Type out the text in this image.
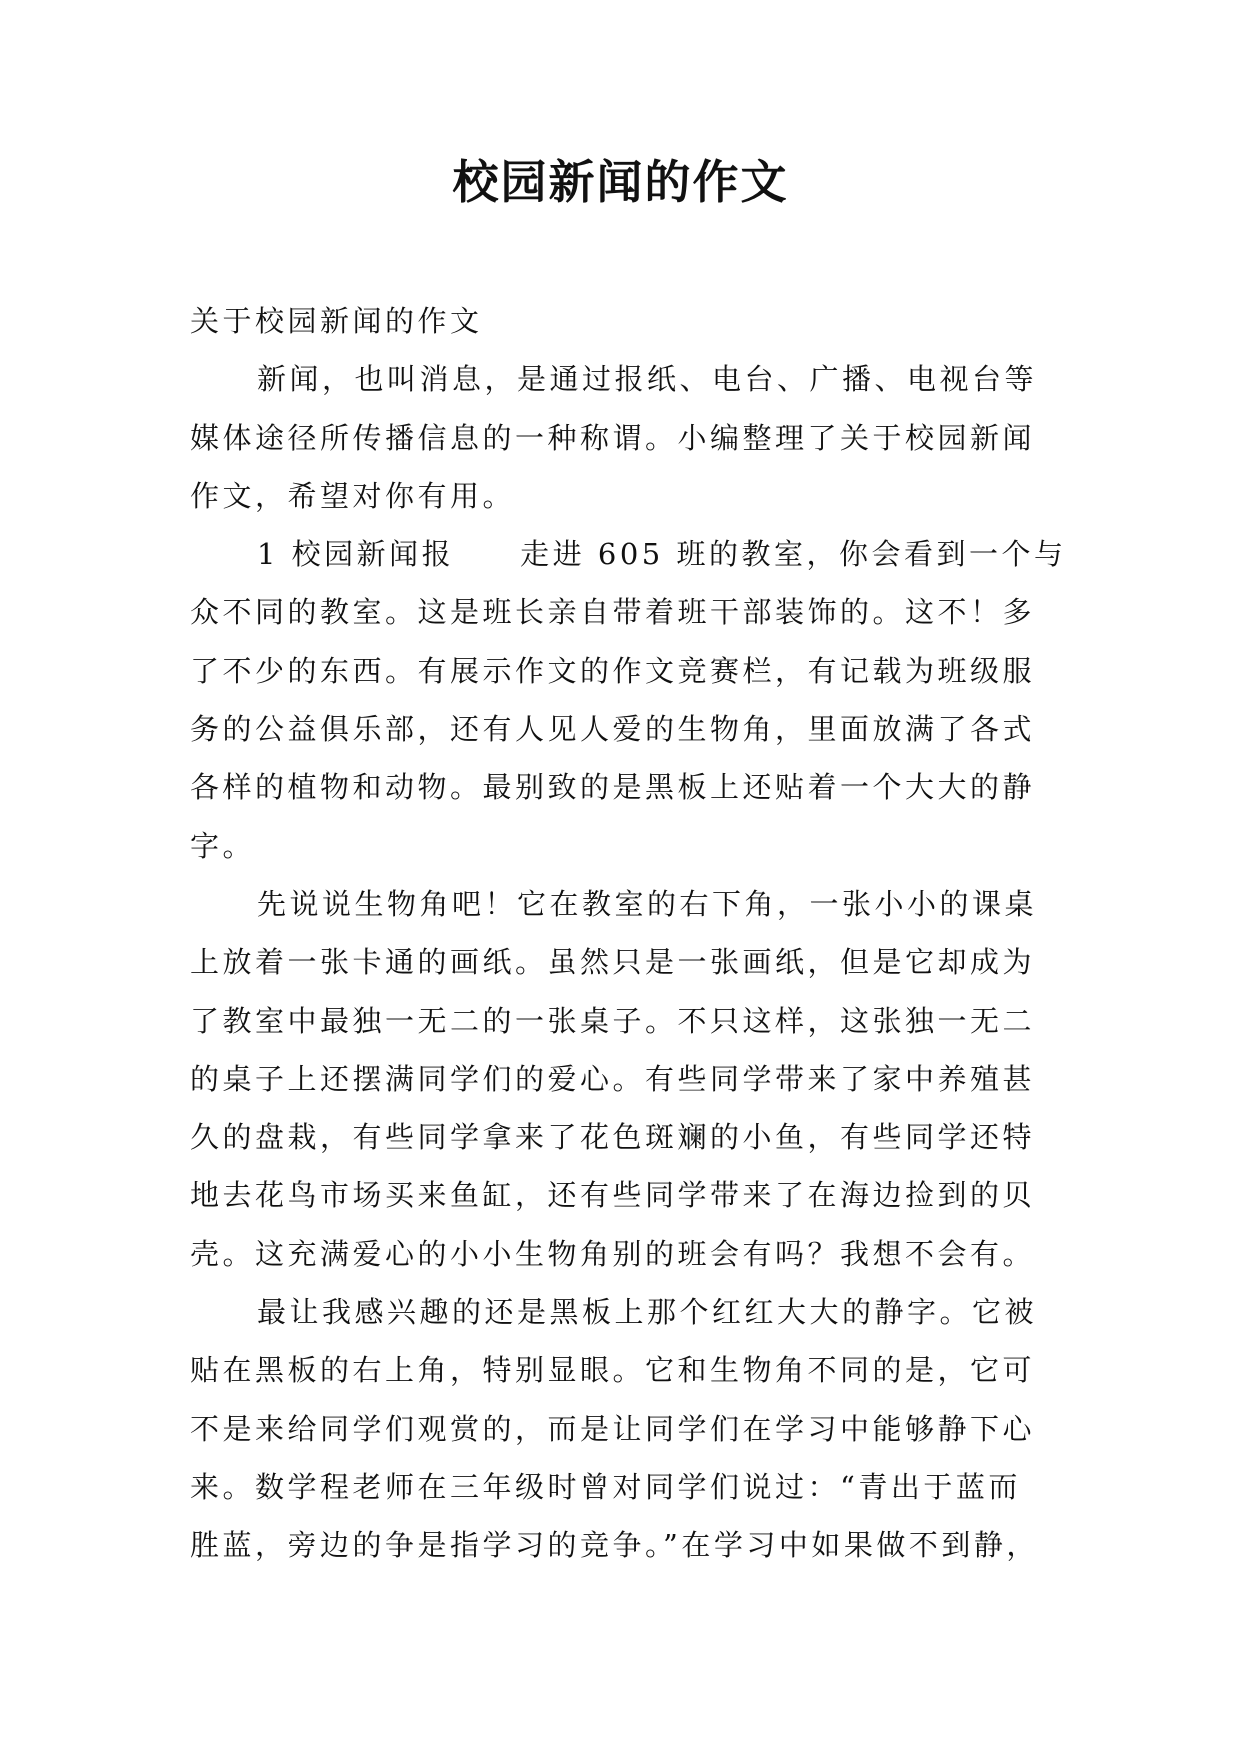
校园新闻的作文
关于校园新闻的作文
新闻，也叫消息，是通过报纸、电台、广播、电视台等
媒体途径所传播信息的一种称谓。小编整理了关于校园新闻
作文，希望对你有用。
1 校园新闻报 走进 605 班的教室，你会看到一个与
众不同的教室。这是班长亲自带着班干部装饰的。这不！多
了不少的东西。有展示作文的作文竞赛栏，有记载为班级服
务的公益俱乐部，还有人见人爱的生物角，里面放满了各式
各样的植物和动物。最别致的是黑板上还贴着一个大大的静
字。
先说说生物角吧！它在教室的右下角，一张小小的课桌
上放着一张卡通的画纸。虽然只是一张画纸，但是它却成为
了教室中最独一无二的一张桌子。不只这样，这张独一无二
的桌子上还摆满同学们的爱心。有些同学带来了家中养殖甚
久的盘栽，有些同学拿来了花色斑斓的小鱼，有些同学还特
地去花鸟市场买来鱼缸，还有些同学带来了在海边捡到的贝
壳。这充满爱心的小小生物角别的班会有吗？我想不会有。
最让我感兴趣的还是黑板上那个红红大大的静字。它被
贴在黑板的右上角，特别显眼。它和生物角不同的是，它可
不是来给同学们观赏的，而是让同学们在学习中能够静下心
来。数学程老师在三年级时曾对同学们说过：“青出于蓝而
胜蓝，旁边的争是指学习的竞争。”在学习中如果做不到静，
